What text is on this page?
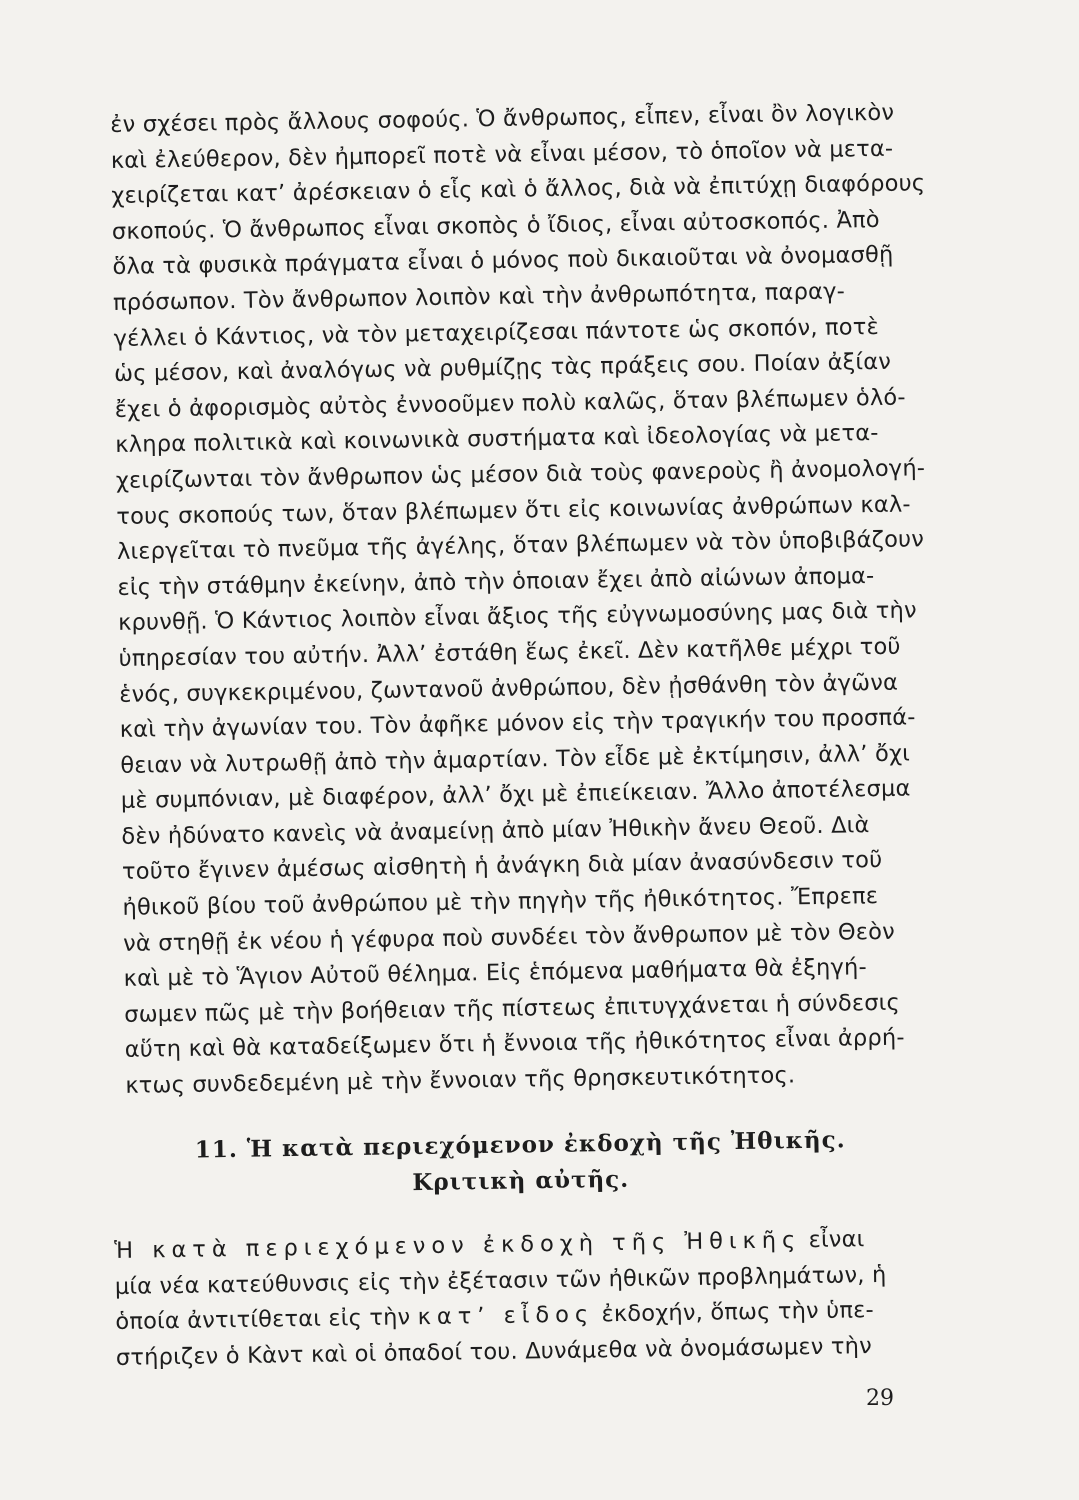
ἐν σχέσει πρὸς ἄλλους σοφούς. Ὁ ἄνθρωπος, εἶπεν, εἶναι ὂν λογικὸν
καὶ ἐλεύθερον, δὲν ἠμπορεῖ ποτὲ νὰ εἶναι μέσον, τὸ ὁποῖον νὰ μετα-
χειρίζεται κατ’ ἀρέσκειαν ὁ εἷς καὶ ὁ ἄλλος, διὰ νὰ ἐπιτύχῃ διαφόρους
σκοπούς. Ὁ ἄνθρωπος εἶναι σκοπὸς ὁ ἴδιος, εἶναι αὐτοσκοπός. Ἀπὸ
ὅλα τὰ φυσικὰ πράγματα εἶναι ὁ μόνος ποὺ δικαιοῦται νὰ ὀνομασθῇ
πρόσωπον. Τὸν ἄνθρωπον λοιπὸν καὶ τὴν ἀνθρωπότητα, παραγ-
γέλλει ὁ Κάντιος, νὰ τὸν μεταχειρίζεσαι πάντοτε ὡς σκοπόν, ποτὲ
ὡς μέσον, καὶ ἀναλόγως νὰ ρυθμίζῃς τὰς πράξεις σου. Ποίαν ἀξίαν
ἔχει ὁ ἀφορισμὸς αὐτὸς ἐννοοῦμεν πολὺ καλῶς, ὅταν βλέπωμεν ὁλό-
κληρα πολιτικὰ καὶ κοινωνικὰ συστήματα καὶ ἰδεολογίας νὰ μετα-
χειρίζωνται τὸν ἄνθρωπον ὡς μέσον διὰ τοὺς φανεροὺς ἢ ἀνομολογή-
τους σκοπούς των, ὅταν βλέπωμεν ὅτι εἰς κοινωνίας ἀνθρώπων καλ-
λιεργεῖται τὸ πνεῦμα τῆς ἀγέλης, ὅταν βλέπωμεν νὰ τὸν ὑποβιβάζουν
εἰς τὴν στάθμην ἐκείνην, ἀπὸ τὴν ὁποιαν ἔχει ἀπὸ αἰώνων ἀπομα-
κρυνθῇ. Ὁ Κάντιος λοιπὸν εἶναι ἄξιος τῆς εὐγνωμοσύνης μας διὰ τὴν
ὑπηρεσίαν του αὐτήν. Ἀλλ’ ἐστάθη ἕως ἐκεῖ. Δὲν κατῆλθε μέχρι τοῦ
ἑνός, συγκεκριμένου, ζωντανοῦ ἀνθρώπου, δὲν ᾐσθάνθη τὸν ἀγῶνα
καὶ τὴν ἀγωνίαν του. Τὸν ἀφῆκε μόνον εἰς τὴν τραγικήν του προσπά-
θειαν νὰ λυτρωθῇ ἀπὸ τὴν ἁμαρτίαν. Τὸν εἶδε μὲ ἐκτίμησιν, ἀλλ’ ὄχι
μὲ συμπόνιαν, μὲ διαφέρον, ἀλλ’ ὄχι μὲ ἐπιείκειαν. Ἄλλο ἀποτέλεσμα
δὲν ἠδύνατο κανεὶς νὰ ἀναμείνῃ ἀπὸ μίαν Ἠθικὴν ἄνευ Θεοῦ. Διὰ
τοῦτο ἔγινεν ἀμέσως αἰσθητὴ ἡ ἀνάγκη διὰ μίαν ἀνασύνδεσιν τοῦ
ἠθικοῦ βίου τοῦ ἀνθρώπου μὲ τὴν πηγὴν τῆς ἠθικότητος. Ἔπρεπε
νὰ στηθῇ ἐκ νέου ἡ γέφυρα ποὺ συνδέει τὸν ἄνθρωπον μὲ τὸν Θεὸν
καὶ μὲ τὸ Ἅγιον Αὐτοῦ θέλημα. Εἰς ἑπόμενα μαθήματα θὰ ἐξηγή-
σωμεν πῶς μὲ τὴν βοήθειαν τῆς πίστεως ἐπιτυγχάνεται ἡ σύνδεσις
αὕτη καὶ θὰ καταδείξωμεν ὅτι ἡ ἔννοια τῆς ἠθικότητος εἶναι ἀρρή-
κτως συνδεδεμένη μὲ τὴν ἔννοιαν τῆς θρησκευτικότητος.
11. Ἡ κατὰ περιεχόμενον ἐκδοχὴ τῆς Ἠθικῆς.
Κριτικὴ αὐτῆς.
Ἡ κατὰ περιεχόμενον ἐκδοχὴ τῆς Ἠθικῆς εἶναι
μία νέα κατεύθυνσις εἰς τὴν ἐξέτασιν τῶν ἠθικῶν προβλημάτων, ἡ
ὁποία ἀντιτίθεται εἰς τὴν κατ’ εἶδος ἐκδοχήν, ὅπως τὴν ὑπε-
στήριζεν ὁ Κὰντ καὶ οἱ ὀπαδοί του. Δυνάμεθα νὰ ὀνομάσωμεν τὴν
29
